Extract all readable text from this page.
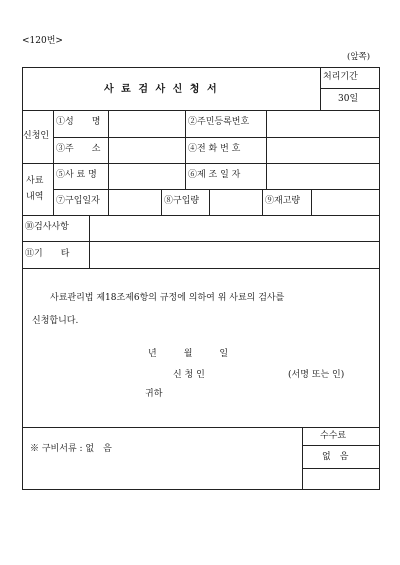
<120번>
(앞쪽)
사료검사신청서
처리기간
30일
신청인
①성　　명	②주민등록번호
③주　　소	④전 화 번 호
사료
내역
⑤사 료 명	⑥제 조 일 자
⑦구입일자	⑧구입량	⑨재고량
⑩검사사항
⑪기　　타
사료관리법 제18조제6항의 규정에 의하여 위 사료의 검사를
신청합니다.
년　　　월　　　일
신 청 인	(서명 또는 인)
귀하
※ 구비서류 : 없　음
수수료
없　음
